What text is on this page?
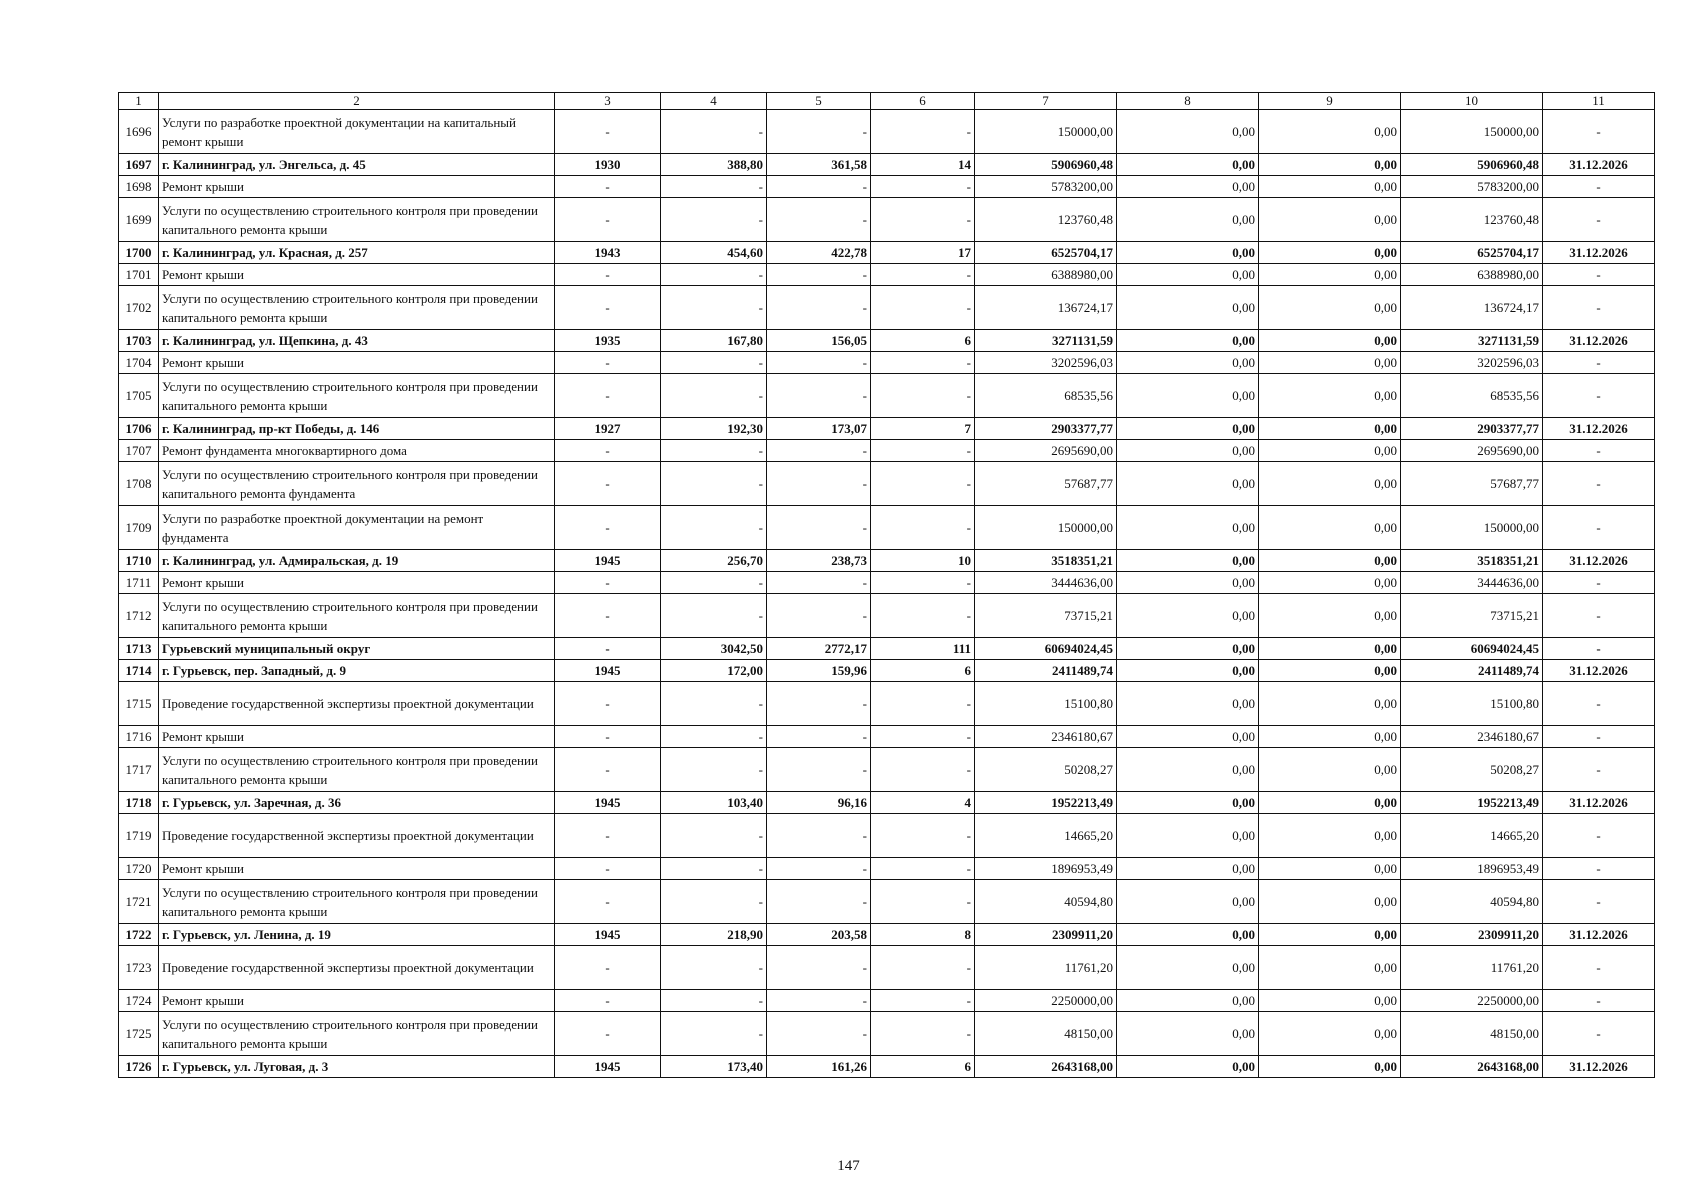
1	2	3	4	5	6	7	8	9	10	11
1696	Услуги по разработке проектной документации на капитальный ремонт крыши	-	-	-	-	150000,00	0,00	0,00	150000,00	-
1697	г. Калининград, ул. Энгельса, д. 45	1930	388,80	361,58	14	5906960,48	0,00	0,00	5906960,48	31.12.2026
1698	Ремонт крыши	-	-	-	-	5783200,00	0,00	0,00	5783200,00	-
1699	Услуги по осуществлению строительного контроля при проведении капитального ремонта крыши	-	-	-	-	123760,48	0,00	0,00	123760,48	-
1700	г. Калининград, ул. Красная, д. 257	1943	454,60	422,78	17	6525704,17	0,00	0,00	6525704,17	31.12.2026
1701	Ремонт крыши	-	-	-	-	6388980,00	0,00	0,00	6388980,00	-
1702	Услуги по осуществлению строительного контроля при проведении капитального ремонта крыши	-	-	-	-	136724,17	0,00	0,00	136724,17	-
1703	г. Калининград, ул. Щепкина, д. 43	1935	167,80	156,05	6	3271131,59	0,00	0,00	3271131,59	31.12.2026
1704	Ремонт крыши	-	-	-	-	3202596,03	0,00	0,00	3202596,03	-
1705	Услуги по осуществлению строительного контроля при проведении капитального ремонта крыши	-	-	-	-	68535,56	0,00	0,00	68535,56	-
1706	г. Калининград, пр-кт Победы, д. 146	1927	192,30	173,07	7	2903377,77	0,00	0,00	2903377,77	31.12.2026
1707	Ремонт фундамента многоквартирного дома	-	-	-	-	2695690,00	0,00	0,00	2695690,00	-
1708	Услуги по осуществлению строительного контроля при проведении капитального ремонта фундамента	-	-	-	-	57687,77	0,00	0,00	57687,77	-
1709	Услуги по разработке проектной документации на ремонт фундамента	-	-	-	-	150000,00	0,00	0,00	150000,00	-
1710	г. Калининград, ул. Адмиральская, д. 19	1945	256,70	238,73	10	3518351,21	0,00	0,00	3518351,21	31.12.2026
1711	Ремонт крыши	-	-	-	-	3444636,00	0,00	0,00	3444636,00	-
1712	Услуги по осуществлению строительного контроля при проведении капитального ремонта крыши	-	-	-	-	73715,21	0,00	0,00	73715,21	-
1713	Гурьевский муниципальный округ	-	3042,50	2772,17	111	60694024,45	0,00	0,00	60694024,45	-
1714	г. Гурьевск, пер. Западный, д. 9	1945	172,00	159,96	6	2411489,74	0,00	0,00	2411489,74	31.12.2026
1715	Проведение государственной экспертизы проектной документации	-	-	-	-	15100,80	0,00	0,00	15100,80	-
1716	Ремонт крыши	-	-	-	-	2346180,67	0,00	0,00	2346180,67	-
1717	Услуги по осуществлению строительного контроля при проведении капитального ремонта крыши	-	-	-	-	50208,27	0,00	0,00	50208,27	-
1718	г. Гурьевск, ул. Заречная, д. 36	1945	103,40	96,16	4	1952213,49	0,00	0,00	1952213,49	31.12.2026
1719	Проведение государственной экспертизы проектной документации	-	-	-	-	14665,20	0,00	0,00	14665,20	-
1720	Ремонт крыши	-	-	-	-	1896953,49	0,00	0,00	1896953,49	-
1721	Услуги по осуществлению строительного контроля при проведении капитального ремонта крыши	-	-	-	-	40594,80	0,00	0,00	40594,80	-
1722	г. Гурьевск, ул. Ленина, д. 19	1945	218,90	203,58	8	2309911,20	0,00	0,00	2309911,20	31.12.2026
1723	Проведение государственной экспертизы проектной документации	-	-	-	-	11761,20	0,00	0,00	11761,20	-
1724	Ремонт крыши	-	-	-	-	2250000,00	0,00	0,00	2250000,00	-
1725	Услуги по осуществлению строительного контроля при проведении капитального ремонта крыши	-	-	-	-	48150,00	0,00	0,00	48150,00	-
1726	г. Гурьевск, ул. Луговая, д. 3	1945	173,40	161,26	6	2643168,00	0,00	0,00	2643168,00	31.12.2026
147
